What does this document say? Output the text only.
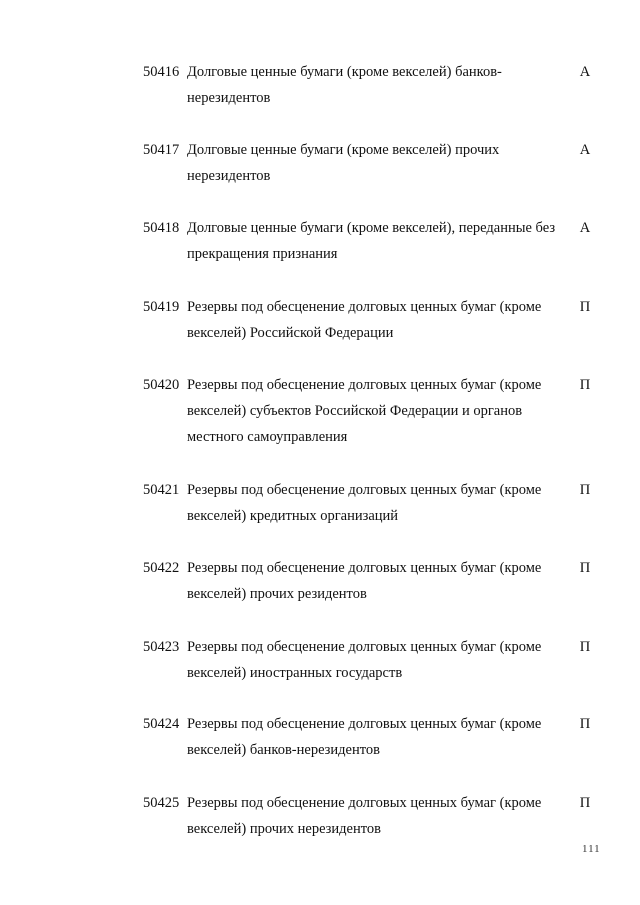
50416 Долговые ценные бумаги (кроме векселей) банков-нерезидентов
А
50417 Долговые ценные бумаги (кроме векселей) прочих нерезидентов
А
50418 Долговые ценные бумаги (кроме векселей), переданные без прекращения признания
А
50419 Резервы под обесценение долговых ценных бумаг (кроме векселей) Российской Федерации
П
50420 Резервы под обесценение долговых ценных бумаг (кроме векселей) субъектов Российской Федерации и органов местного самоуправления
П
50421 Резервы под обесценение долговых ценных бумаг (кроме векселей) кредитных организаций
П
50422 Резервы под обесценение долговых ценных бумаг (кроме векселей) прочих резидентов
П
50423 Резервы под обесценение долговых ценных бумаг (кроме векселей) иностранных государств
П
50424 Резервы под обесценение долговых ценных бумаг (кроме векселей) банков-нерезидентов
П
50425 Резервы под обесценение долговых ценных бумаг (кроме векселей) прочих нерезидентов
П
111
